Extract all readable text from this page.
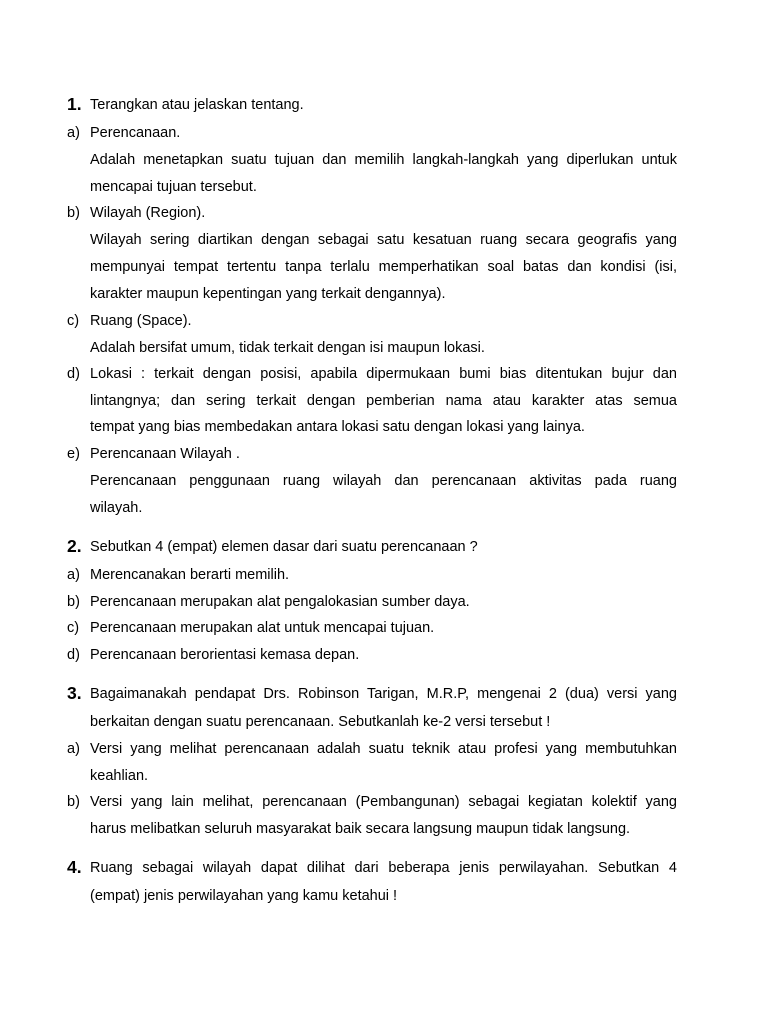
1. Terangkan atau jelaskan tentang.
a) Perencanaan.
Adalah menetapkan suatu tujuan dan memilih langkah-langkah yang diperlukan untuk
mencapai tujuan tersebut.
b) Wilayah (Region).
Wilayah sering diartikan dengan sebagai satu kesatuan ruang secara geografis yang
mempunyai tempat tertentu tanpa terlalu memperhatikan soal batas dan kondisi (isi,
karakter maupun kepentingan yang terkait dengannya).
c) Ruang (Space).
Adalah bersifat umum, tidak terkait dengan isi maupun lokasi.
d) Lokasi : terkait dengan posisi, apabila dipermukaan bumi bias ditentukan bujur dan
lintangnya; dan sering terkait dengan pemberian nama atau karakter atas semua
tempat yang bias membedakan antara lokasi satu dengan lokasi yang lainya.
e) Perencanaan Wilayah .
Perencanaan penggunaan ruang wilayah dan perencanaan aktivitas pada ruang
wilayah.
2. Sebutkan 4 (empat) elemen dasar dari suatu perencanaan ?
a) Merencanakan berarti memilih.
b) Perencanaan merupakan alat pengalokasian sumber daya.
c) Perencanaan merupakan alat untuk mencapai tujuan.
d) Perencanaan berorientasi kemasa depan.
3. Bagaimanakah pendapat Drs. Robinson Tarigan, M.R.P, mengenai 2 (dua) versi yang
berkaitan dengan suatu perencanaan. Sebutkanlah ke-2 versi tersebut !
a) Versi yang melihat perencanaan adalah suatu teknik atau profesi yang membutuhkan
keahlian.
b) Versi yang lain melihat, perencanaan (Pembangunan) sebagai kegiatan kolektif yang
harus melibatkan seluruh masyarakat baik secara langsung maupun tidak langsung.
4. Ruang sebagai wilayah dapat dilihat dari beberapa jenis perwilayahan. Sebutkan 4
(empat) jenis perwilayahan yang kamu ketahui !
